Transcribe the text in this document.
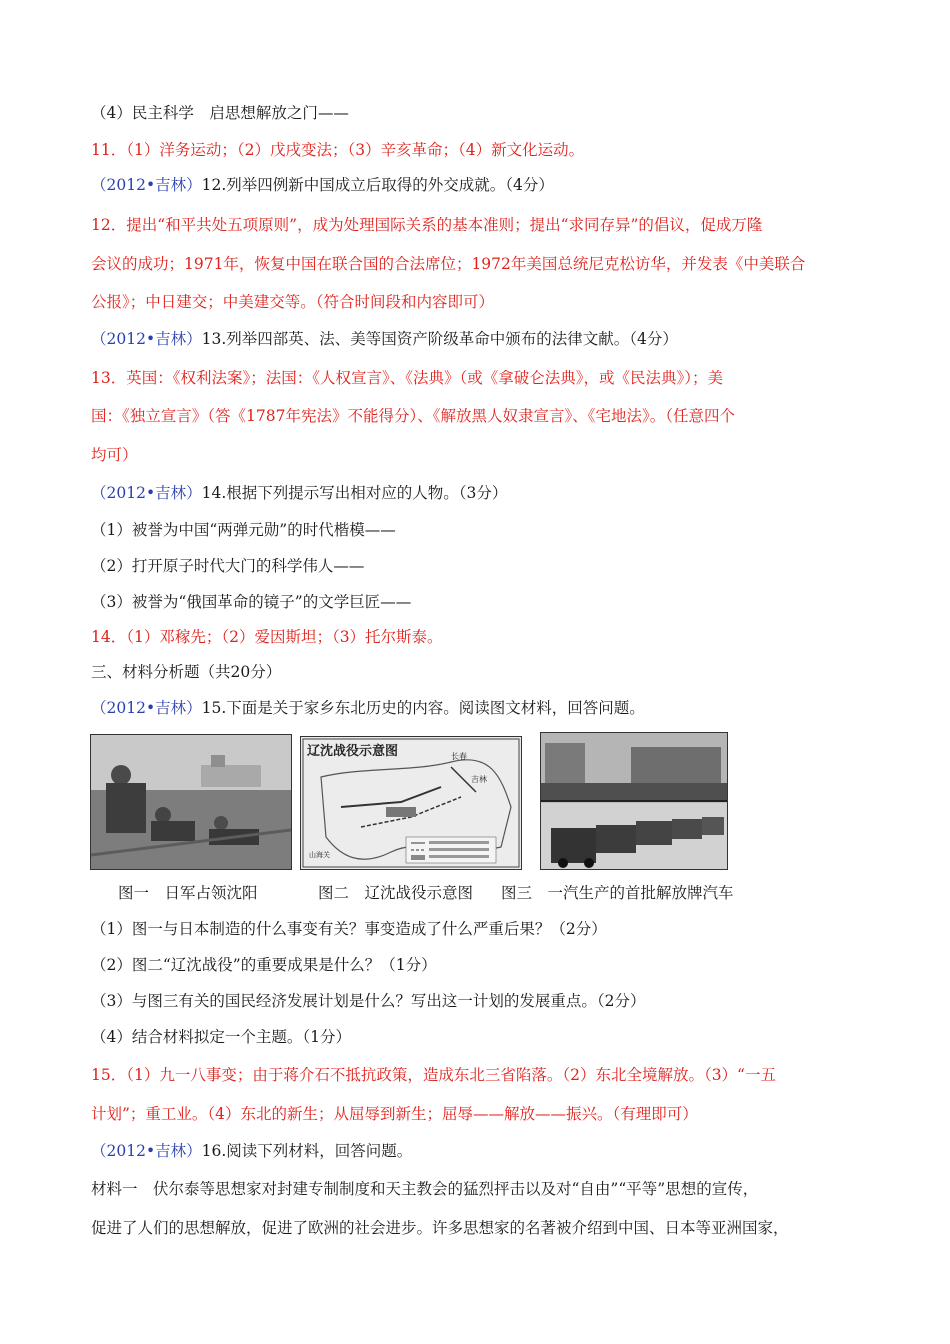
（4）民主科学　启思想解放之门——
11．（1）洋务运动；（2）戊戌变法；（3）辛亥革命；（4）新文化运动。
（2012•吉林）12.列举四例新中国成立后取得的外交成就。（4分）
12．提出“和平共处五项原则”，成为处理国际关系的基本准则；提出“求同存异”的倡议，促成万隆
会议的成功；1971年，恢复中国在联合国的合法席位；1972年美国总统尼克松访华，并发表《中美联合
公报》；中日建交；中美建交等。（符合时间段和内容即可）
（2012•吉林）13.列举四部英、法、美等国资产阶级革命中颁布的法律文献。（4分）
13．英国：《权利法案》；法国：《人权宣言》、《法典》（或《拿破仑法典》，或《民法典》）；美
国：《独立宣言》（答《1787年宪法》不能得分）、《解放黑人奴隶宣言》、《宅地法》。（任意四个
均可）
（2012•吉林）14.根据下列提示写出相对应的人物。（3分）
（1）被誉为中国“两弹元勋”的时代楷模——
（2）打开原子时代大门的科学伟人——
（3）被誉为“俄国革命的镜子”的文学巨匠——
14．（1）邓稼先；（2）爱因斯坦；（3）托尔斯泰。
三、材料分析题（共20分）
（2012•吉林）15.下面是关于家乡东北历史的内容。阅读图文材料，回答问题。
辽沈战役示意图	长春
吉林
山海关
图一　日军占领沈阳	图二　辽沈战役示意图 图三　一汽生产的首批解放牌汽车
（1）图一与日本制造的什么事变有关？事变造成了什么严重后果？（2分）
（2）图二“辽沈战役”的重要成果是什么？（1分）
（3）与图三有关的国民经济发展计划是什么？写出这一计划的发展重点。（2分）
（4）结合材料拟定一个主题。（1分）
15．（1）九一八事变；由于蒋介石不抵抗政策，造成东北三省陷落。（2）东北全境解放。（3）“一五
计划”；重工业。（4）东北的新生；从屈辱到新生；屈辱——解放——振兴。（有理即可）
（2012•吉林）16.阅读下列材料，回答问题。
材料一　伏尔泰等思想家对封建专制制度和天主教会的猛烈抨击以及对“自由”“平等”思想的宣传，
促进了人们的思想解放，促进了欧洲的社会进步。许多思想家的名著被介绍到中国、日本等亚洲国家，
